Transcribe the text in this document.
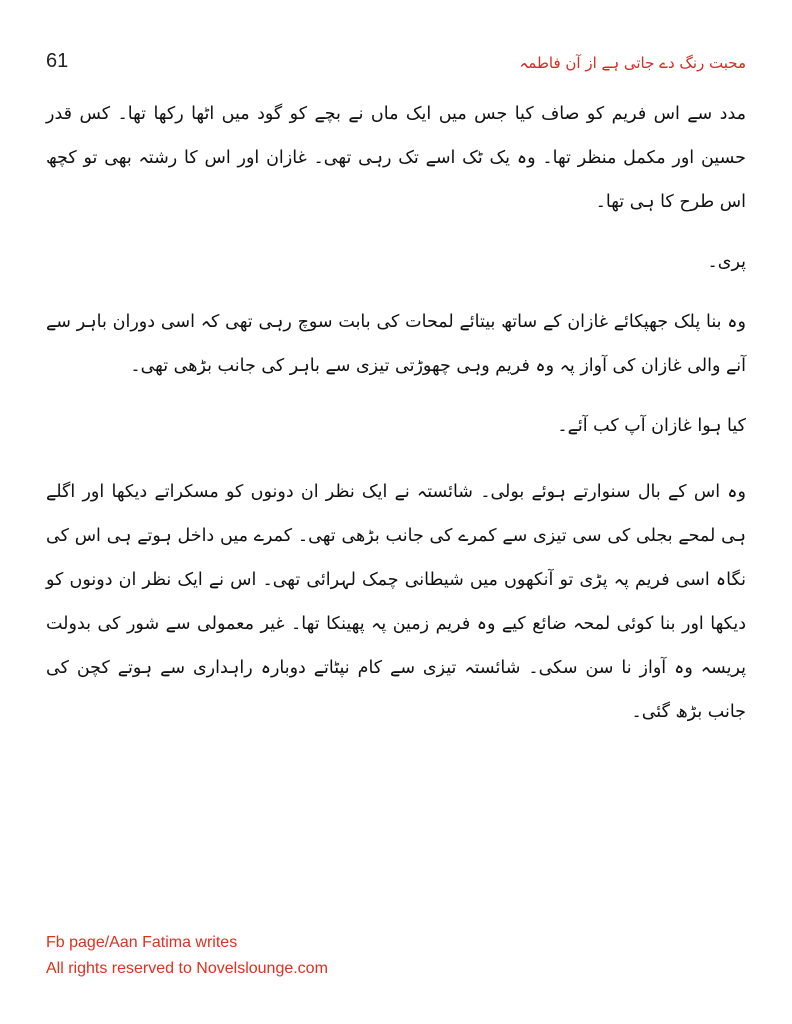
61	محبت رنگ دے جاتی ہے از آن فاطمہ

مدد سے اس فریم کو صاف کیا جس میں ایک ماں نے بچے کو گود میں اٹھا رکھا تھا۔ کس قدر حسین اور مکمل منظر تھا۔ وہ یک ٹک اسے تک رہی تھی۔ غازان اور اس کا رشتہ بھی تو کچھ اس طرح کا ہی تھا۔

پری۔

وہ بنا پلک جھپکائے غازان کے ساتھ بیتائے لمحات کی بابت سوچ رہی تھی کہ اسی دوران باہر سے آنے والی غازان کی آواز پہ وہ فریم وہی چھوڑتی تیزی سے باہر کی جانب بڑھی تھی۔

کیا ہوا غازان آپ کب آئے۔

وہ اس کے بال سنوارتے ہوئے بولی۔ شائستہ نے ایک نظر ان دونوں کو مسکراتے دیکھا اور اگلے ہی لمحے بجلی کی سی تیزی سے کمرے کی جانب بڑھی تھی۔ کمرے میں داخل ہوتے ہی اس کی نگاہ اسی فریم پہ پڑی تو آنکھوں میں شیطانی چمک لہرائی تھی۔ اس نے ایک نظر ان دونوں کو دیکھا اور بنا کوئی لمحہ ضائع کیے وہ فریم زمین پہ پھینکا تھا۔ غیر معمولی سے شور کی بدولت پریسہ وہ آواز نا سن سکی۔ شائستہ تیزی سے کام نپٹاتے دوبارہ راہداری سے ہوتے کچن کی جانب بڑھ گئی۔

Fb page/Aan Fatima writes
All rights reserved to Novelslounge.com
